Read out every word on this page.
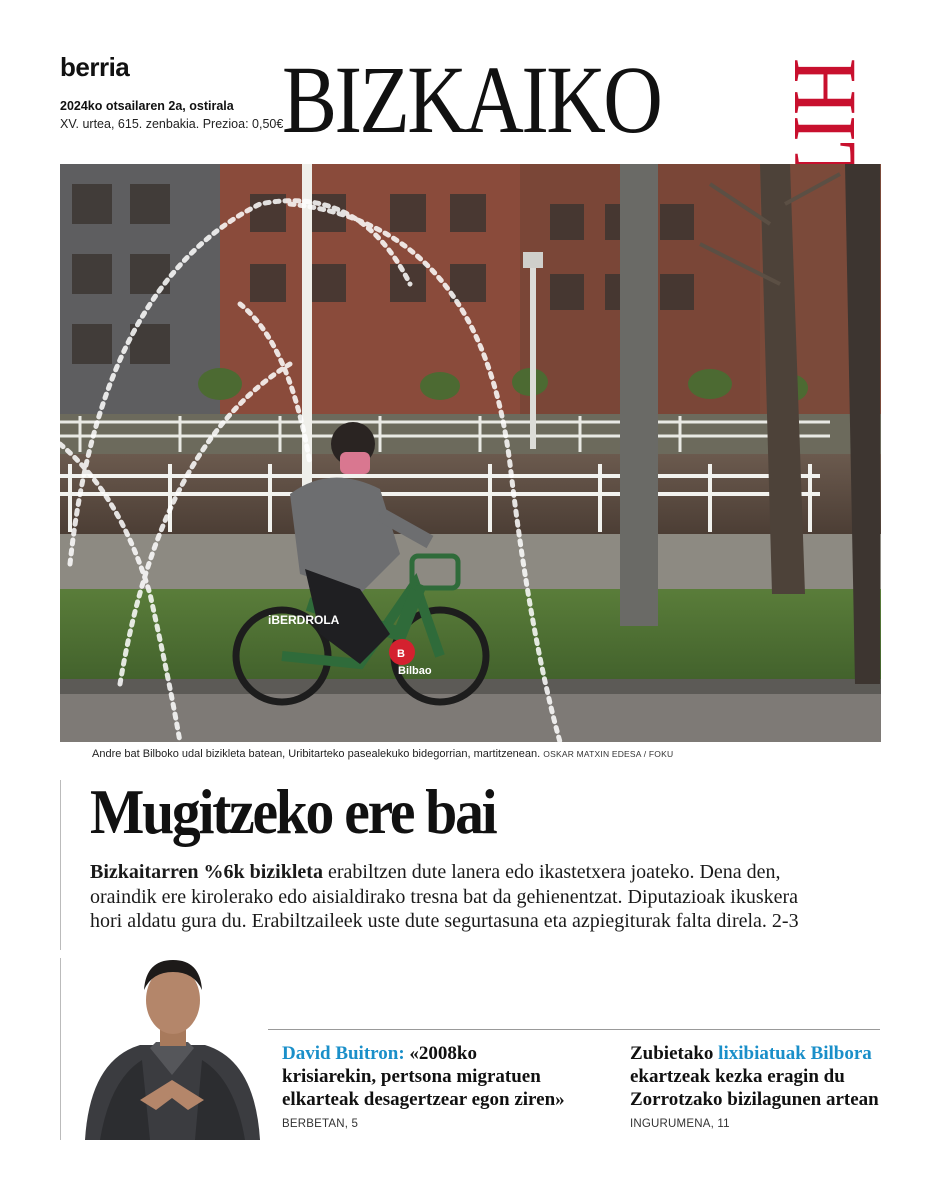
berria
2024ko otsailaren 2a, ostirala
XV. urtea, 615. zenbakia. Prezioa: 0,50€
BIZKAIKO
Bilbao
iBERDROLA
B
Andre bat Bilboko udal bizikleta batean, Uribitarteko pasealekuko bidegorrian, martitzenean. OSKAR MATXIN EDESA / FOKU
Mugitzeko ere bai

Bizkaitarren %6k bizikleta erabiltzen dute lanera edo ikastetxera joateko. Dena den,

oraindik ere kirolerako edo aisialdirako tresna bat da gehienentzat. Diputazioak ikuskera

hori aldatu gura du. Erabiltzaileek uste dute segurtasuna eta azpiegiturak falta direla. 2-3

David Buitron: «2008ko

krisiarekin, pertsona migratuen

elkarteak desagertzear egon ziren»

BERBETAN, 5

Zubietako lixibiatuak Bilbora

ekartzeak kezka eragin du

Zorrotzako bizilagunen artean

INGURUMENA, 11
